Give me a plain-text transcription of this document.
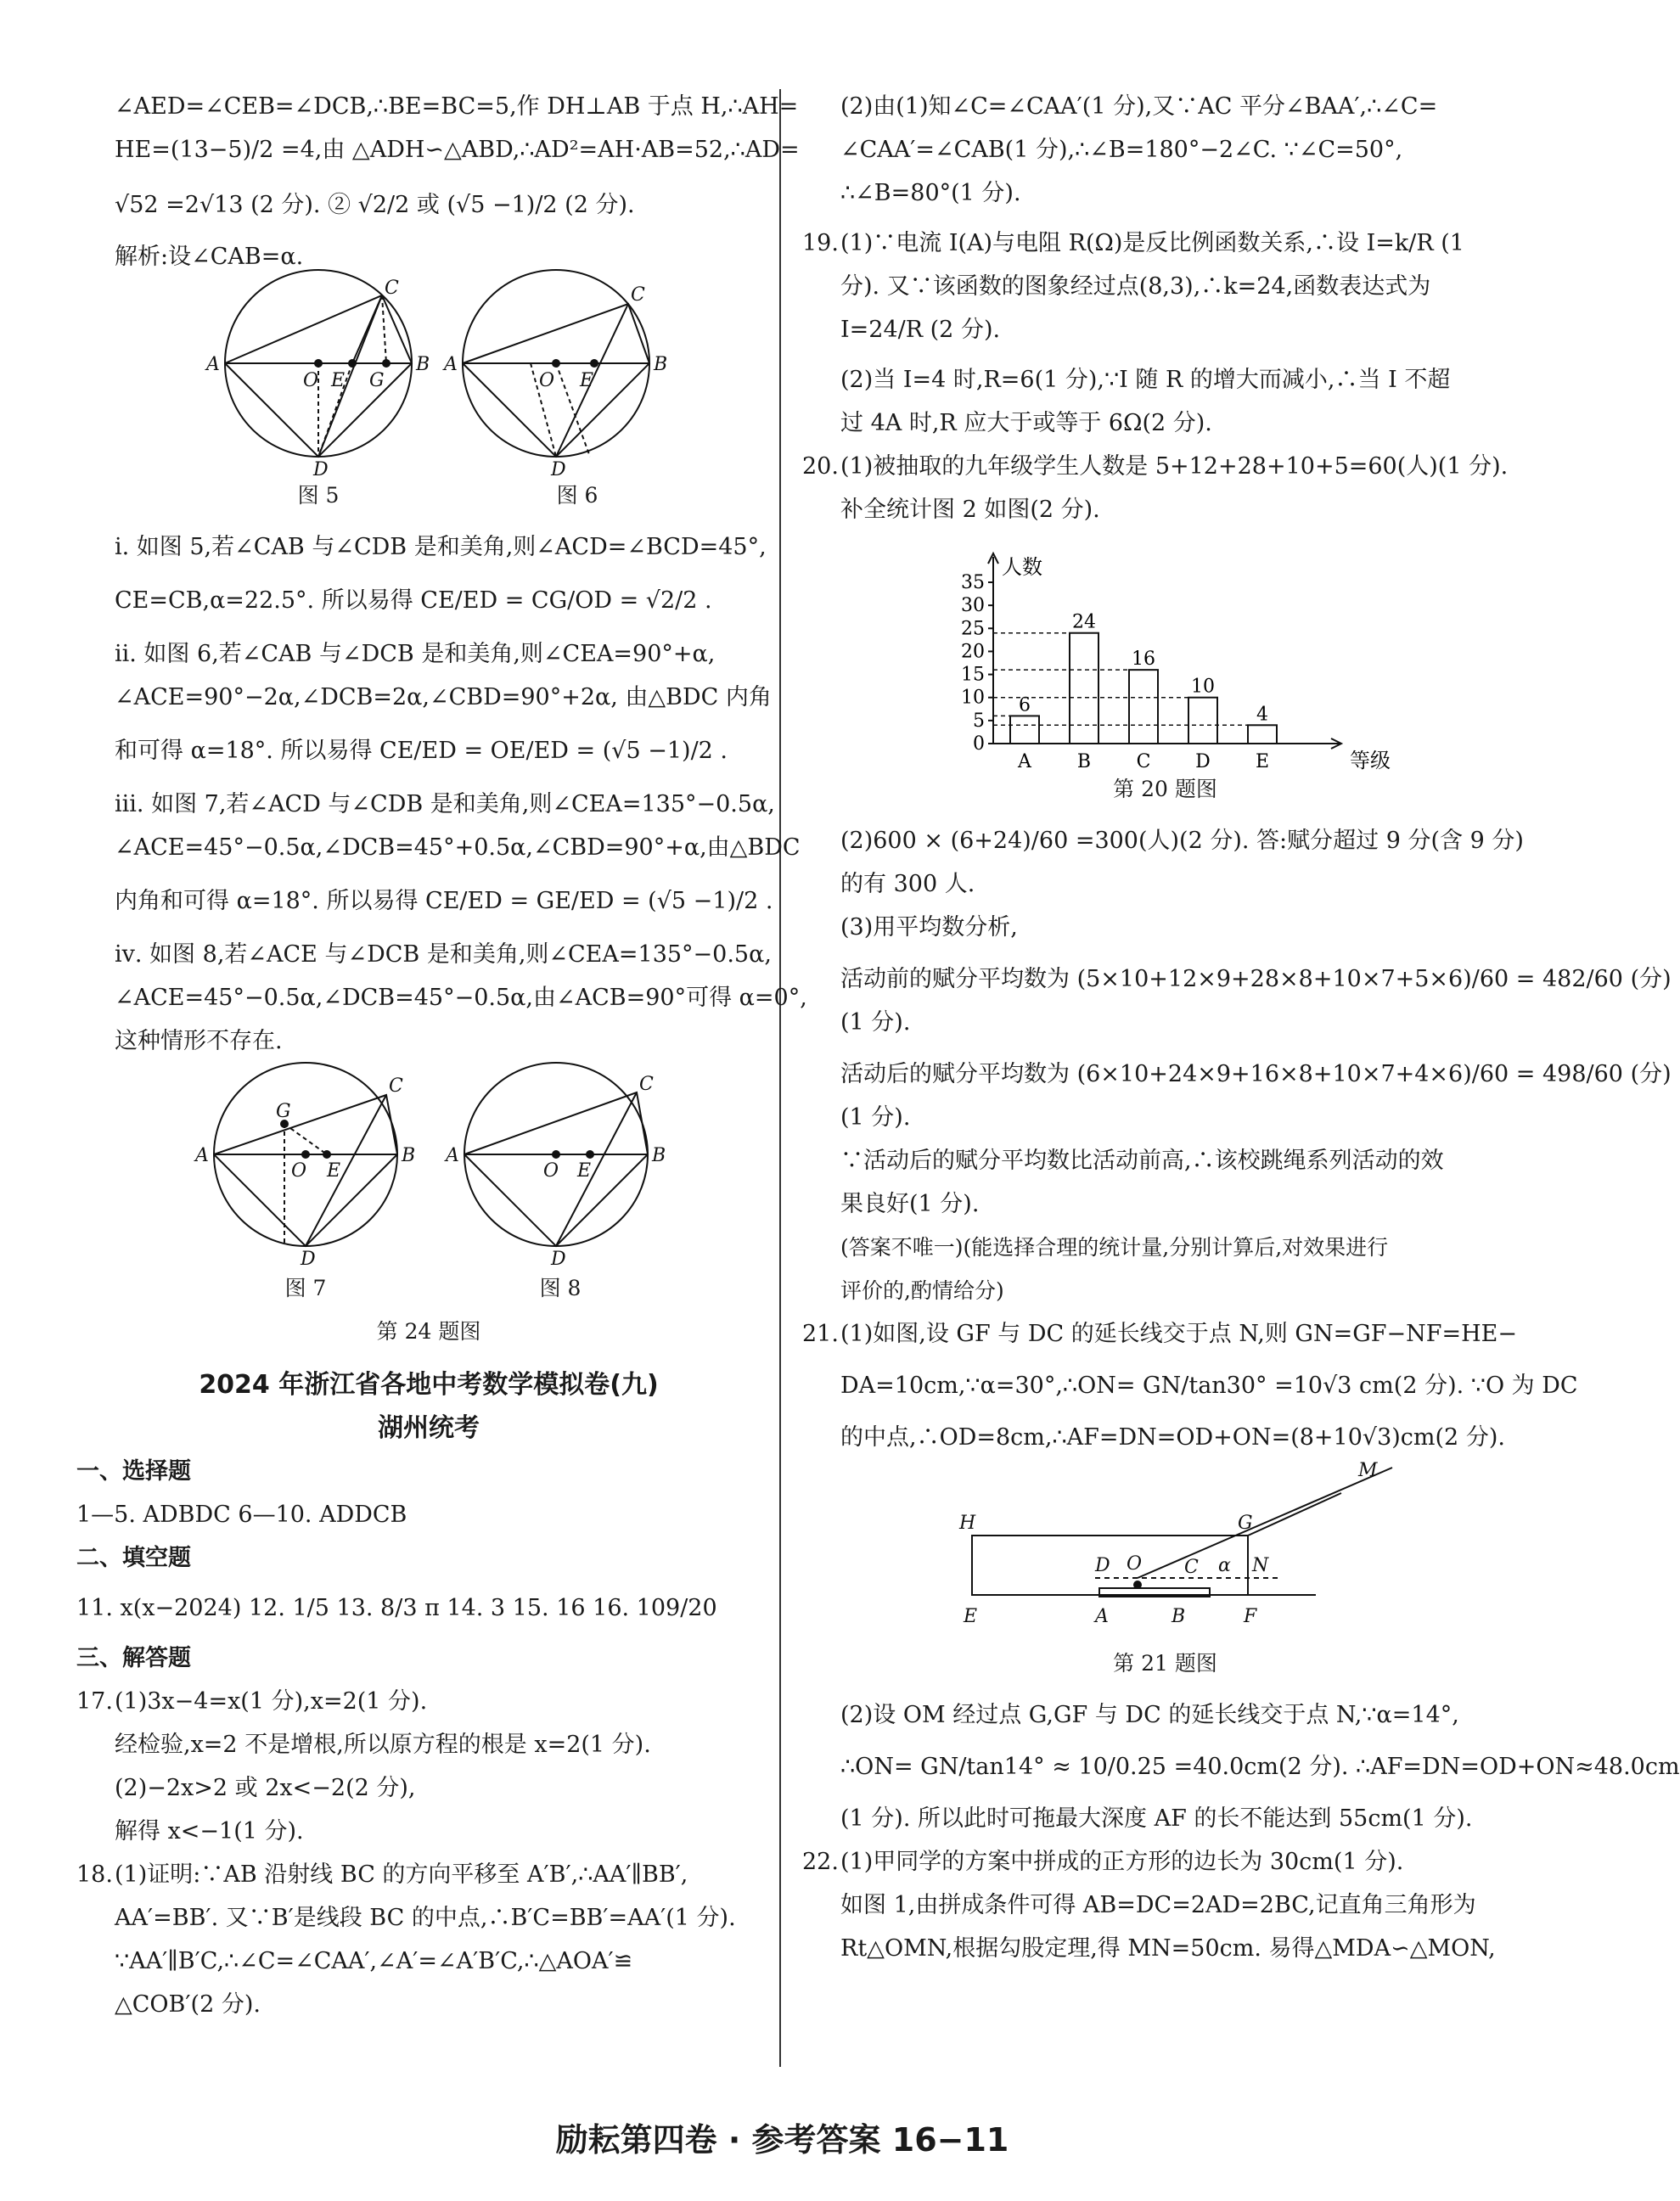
∠AED=∠CEB=∠DCB,∴BE=BC=5,作 DH⊥AB 于点 H,∴AH=
HE=(13−5)/2 =4,由 △ADH∽△ABD,∴AD²=AH·AB=52,∴AD=
√52 =2√13 (2 分). ② √2/2 或 (√5 −1)/2 (2 分).
解析:设∠CAB=α.
A	B
C
D
O E G
A	B
C
D
O E
图 5	图 6
ⅰ. 如图 5,若∠CAB 与∠CDB 是和美角,则∠ACD=∠BCD=45°,
CE=CB,α=22.5°. 所以易得 CE/ED = CG/OD = √2/2 .
ⅱ. 如图 6,若∠CAB 与∠DCB 是和美角,则∠CEA=90°+α,
∠ACE=90°−2α,∠DCB=2α,∠CBD=90°+2α, 由△BDC 内角
和可得 α=18°. 所以易得 CE/ED = OE/ED = (√5 −1)/2 .
ⅲ. 如图 7,若∠ACD 与∠CDB 是和美角,则∠CEA=135°−0.5α,
∠ACE=45°−0.5α,∠DCB=45°+0.5α,∠CBD=90°+α,由△BDC
内角和可得 α=18°. 所以易得 CE/ED = GE/ED = (√5 −1)/2 .
ⅳ. 如图 8,若∠ACE 与∠DCB 是和美角,则∠CEA=135°−0.5α,
∠ACE=45°−0.5α,∠DCB=45°−0.5α,由∠ACB=90°可得 α=0°,
这种情形不存在.
A	B
C
D
O E
G
A	B
C
D
O E
图 7	图 8
第 24 题图
2024 年浙江省各地中考数学模拟卷(九)
湖州统考
一、选择题
1—5. ADBDC 6—10. ADDCB
二、填空题
11. x(x−2024) 12. 1/5 13. 8/3 π 14. 3 15. 16 16. 109/20
三、解答题
17.(1)3x−4=x(1 分),x=2(1 分).
经检验,x=2 不是增根,所以原方程的根是 x=2(1 分).
(2)−2x>2 或 2x<−2(2 分),
解得 x<−1(1 分).
18.(1)证明:∵AB 沿射线 BC 的方向平移至 A′B′,∴AA′∥BB′,
AA′=BB′. 又∵B′是线段 BC 的中点,∴B′C=BB′=AA′(1 分).
∵AA′∥B′C,∴∠C=∠CAA′,∠A′=∠A′B′C,∴△AOA′≌
△COB′(2 分).
(2)由(1)知∠C=∠CAA′(1 分),又∵AC 平分∠BAA′,∴∠C=
∠CAA′=∠CAB(1 分),∴∠B=180°−2∠C. ∵∠C=50°,
∴∠B=80°(1 分).
19.(1)∵电流 I(A)与电阻 R(Ω)是反比例函数关系,∴设 I=k/R (1
分). 又∵该函数的图象经过点(8,3),∴k=24,函数表达式为
I=24/R (2 分).
(2)当 I=4 时,R=6(1 分),∵I 随 R 的增大而减小,∴当 I 不超
过 4A 时,R 应大于或等于 6Ω(2 分).
20.(1)被抽取的九年级学生人数是 5+12+28+10+5=60(人)(1 分).
补全统计图 2 如图(2 分).
人数
等级
0
5
10
15
20
25
30
35
6
A
24
B
16
C
10
D
4
E
第 20 题图
(2)600 × (6+24)/60 =300(人)(2 分). 答:赋分超过 9 分(含 9 分)
的有 300 人.
(3)用平均数分析,
活动前的赋分平均数为 (5×10+12×9+28×8+10×7+5×6)/60 = 482/60 (分)
(1 分).
活动后的赋分平均数为 (6×10+24×9+16×8+10×7+4×6)/60 = 498/60 (分)
(1 分).
∵活动后的赋分平均数比活动前高,∴该校跳绳系列活动的效
果良好(1 分).
(答案不唯一)(能选择合理的统计量,分别计算后,对效果进行
评价的,酌情给分)
21.(1)如图,设 GF 与 DC 的延长线交于点 N,则 GN=GF−NF=HE−
DA=10cm,∵α=30°,∴ON= GN/tan30° =10√3 cm(2 分). ∵O 为 DC
的中点,∴OD=8cm,∴AF=DN=OD+ON=(8+10√3)cm(2 分).
H	G
M
D O C α N
E	A	B	F
第 21 题图
(2)设 OM 经过点 G,GF 与 DC 的延长线交于点 N,∵α=14°,
∴ON= GN/tan14° ≈ 10/0.25 =40.0cm(2 分). ∴AF=DN=OD+ON≈48.0cm
(1 分). 所以此时可拖最大深度 AF 的长不能达到 55cm(1 分).
22.(1)甲同学的方案中拼成的正方形的边长为 30cm(1 分).
如图 1,由拼成条件可得 AB=DC=2AD=2BC,记直角三角形为
Rt△OMN,根据勾股定理,得 MN=50cm. 易得△MDA∽△MON,
励耘第四卷 · 参考答案 16−11
